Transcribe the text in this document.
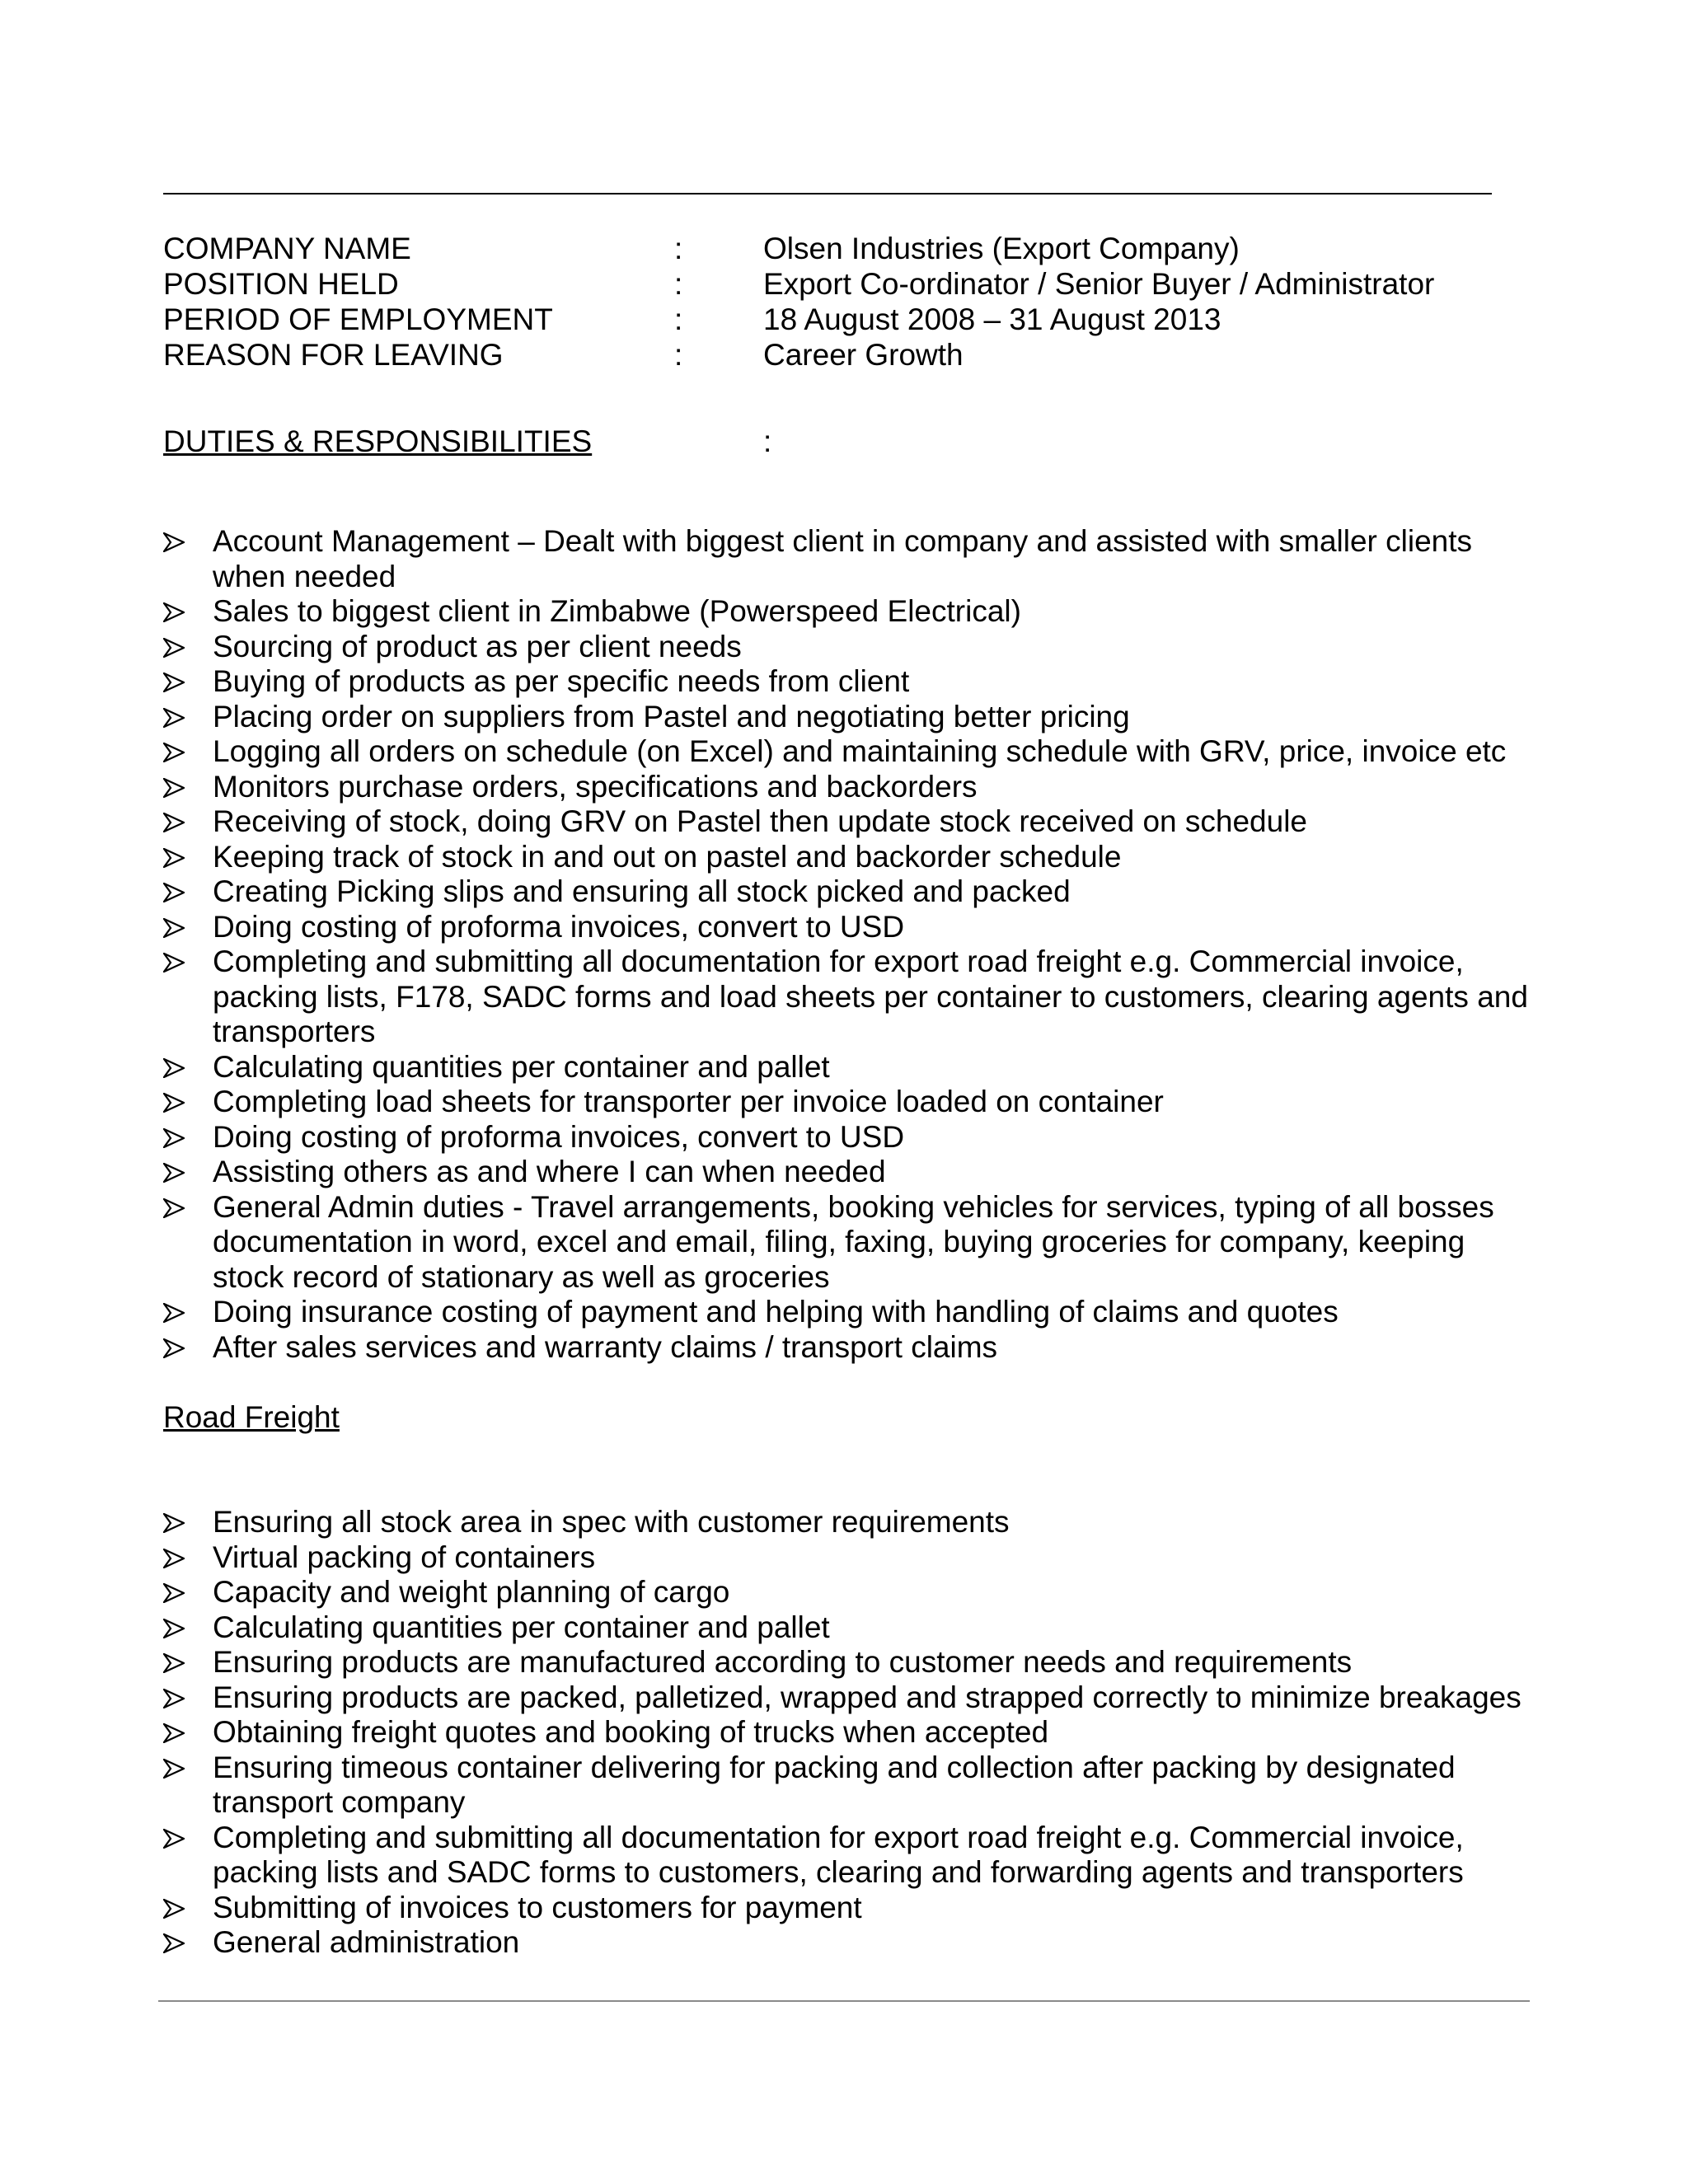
COMPANY NAME	:	Olsen Industries (Export Company)
POSITION HELD	:	Export Co-ordinator / Senior Buyer / Administrator
PERIOD OF EMPLOYMENT	:	18 August 2008 – 31 August 2013
REASON FOR LEAVING	:	Career Growth
DUTIES & RESPONSIBILITIES	:
Account Management – Dealt with biggest client in company and assisted with smaller clients when needed
Sales to biggest client in Zimbabwe (Powerspeed Electrical)
Sourcing of product as per client needs
Buying of products as per specific needs from client
Placing order on suppliers from Pastel and negotiating better pricing
Logging all orders on schedule (on Excel) and maintaining schedule with GRV, price, invoice etc
Monitors purchase orders, specifications and backorders
Receiving of stock, doing GRV on Pastel then update stock received on schedule
Keeping track of stock in and out on pastel and backorder schedule
Creating Picking slips and ensuring all stock picked and packed
Doing costing of proforma invoices, convert to USD
Completing and submitting all documentation for export road freight e.g. Commercial invoice, packing lists, F178, SADC forms and load sheets per container to customers, clearing agents and transporters
Calculating quantities per container and pallet
Completing load sheets for transporter per invoice loaded on container
Doing costing of proforma invoices, convert to USD
Assisting others as and where I can when needed
General Admin duties - Travel arrangements, booking vehicles for services, typing of all bosses documentation in word, excel and email, filing, faxing, buying groceries for company, keeping stock record of stationary as well as groceries
Doing insurance costing of payment and helping with handling of claims and quotes
After sales services and warranty claims / transport claims
Road Freight
Ensuring all stock area in spec with customer requirements
Virtual packing of containers
Capacity and weight planning of cargo
Calculating quantities per container and pallet
Ensuring products are manufactured according to customer needs and requirements
Ensuring products are packed, palletized, wrapped and strapped correctly to minimize breakages
Obtaining freight quotes and booking of trucks when accepted
Ensuring timeous container delivering for packing and collection after packing by designated transport company
Completing and submitting all documentation for export road freight e.g. Commercial invoice, packing lists and SADC forms to customers, clearing and forwarding agents and transporters
Submitting of invoices to customers for payment
General administration
